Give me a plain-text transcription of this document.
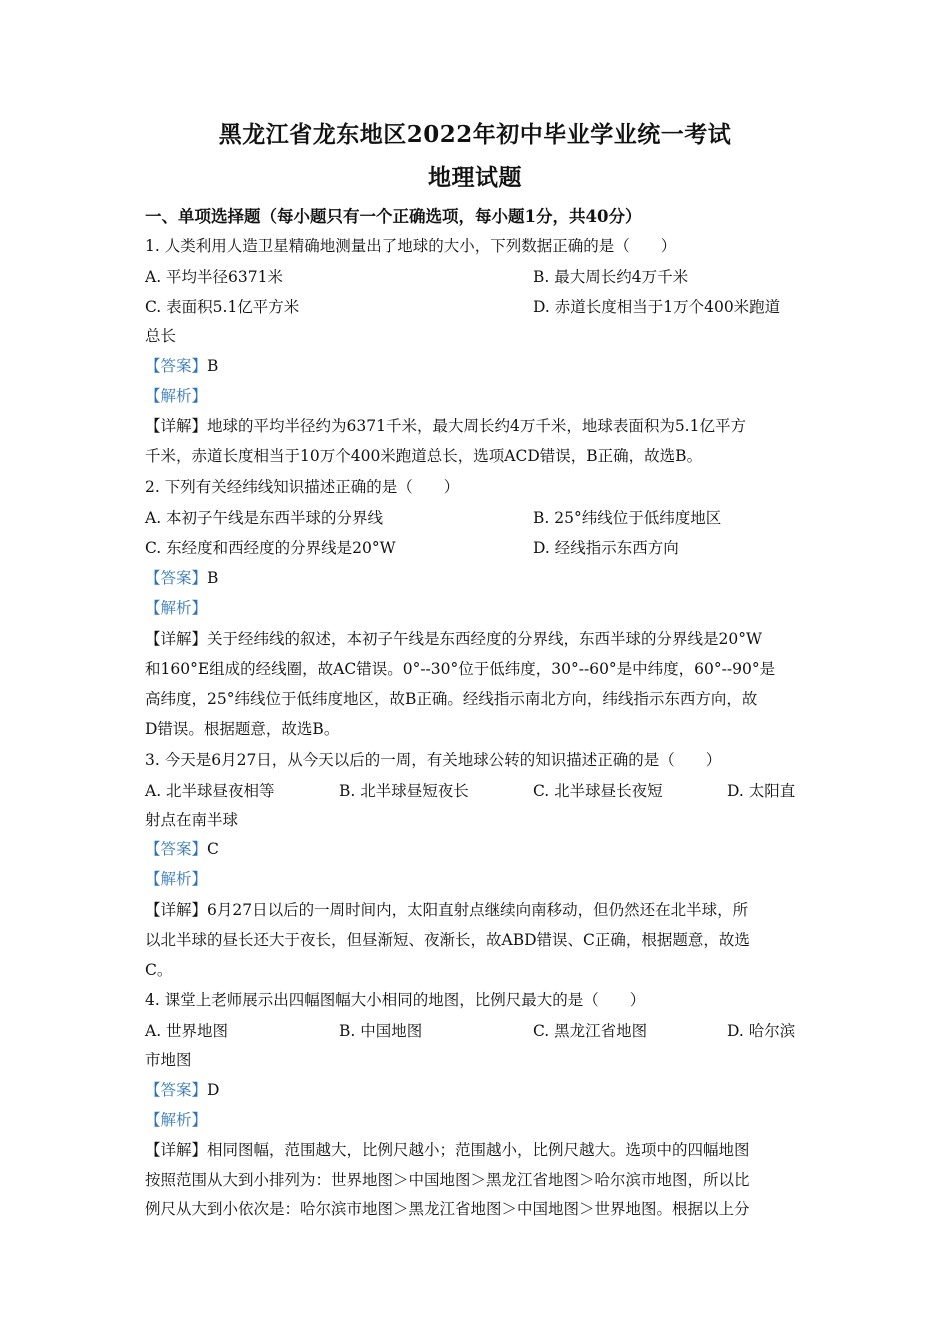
黑龙江省龙东地区2022年初中毕业学业统一考试
地理试题
一、单项选择题（每小题只有一个正确选项，每小题1分，共40分）
1. 人类利用人造卫星精确地测量出了地球的大小，下列数据正确的是（　　）
A. 平均半径6371米	B. 最大周长约4万千米
C. 表面积5.1亿平方米	D. 赤道长度相当于1万个400米跑道
总长
【答案】B
【解析】
【详解】地球的平均半径约为6371千米，最大周长约4万千米，地球表面积为5.1亿平方
千米，赤道长度相当于10万个400米跑道总长，选项ACD错误，B正确，故选B。
2. 下列有关经纬线知识描述正确的是（　　）
A. 本初子午线是东西半球的分界线	B. 25°纬线位于低纬度地区
C. 东经度和西经度的分界线是20°W	D. 经线指示东西方向
【答案】B
【解析】
【详解】关于经纬线的叙述，本初子午线是东西经度的分界线，东西半球的分界线是20°W
和160°E组成的经线圈，故AC错误。0°--30°位于低纬度，30°--60°是中纬度，60°--90°是
高纬度，25°纬线位于低纬度地区，故B正确。经线指示南北方向，纬线指示东西方向，故
D错误。根据题意，故选B。
3. 今天是6月27日，从今天以后的一周，有关地球公转的知识描述正确的是（　　）
A. 北半球昼夜相等	B. 北半球昼短夜长	C. 北半球昼长夜短	D. 太阳直
射点在南半球
【答案】C
【解析】
【详解】6月27日以后的一周时间内，太阳直射点继续向南移动，但仍然还在北半球，所
以北半球的昼长还大于夜长，但昼渐短、夜渐长，故ABD错误、C正确，根据题意，故选
C。
4. 课堂上老师展示出四幅图幅大小相同的地图，比例尺最大的是（　　）
A. 世界地图	B. 中国地图	C. 黑龙江省地图	D. 哈尔滨
市地图
【答案】D
【解析】
【详解】相同图幅，范围越大，比例尺越小；范围越小，比例尺越大。选项中的四幅地图
按照范围从大到小排列为：世界地图＞中国地图＞黑龙江省地图＞哈尔滨市地图，所以比
例尺从大到小依次是：哈尔滨市地图＞黑龙江省地图＞中国地图＞世界地图。根据以上分
